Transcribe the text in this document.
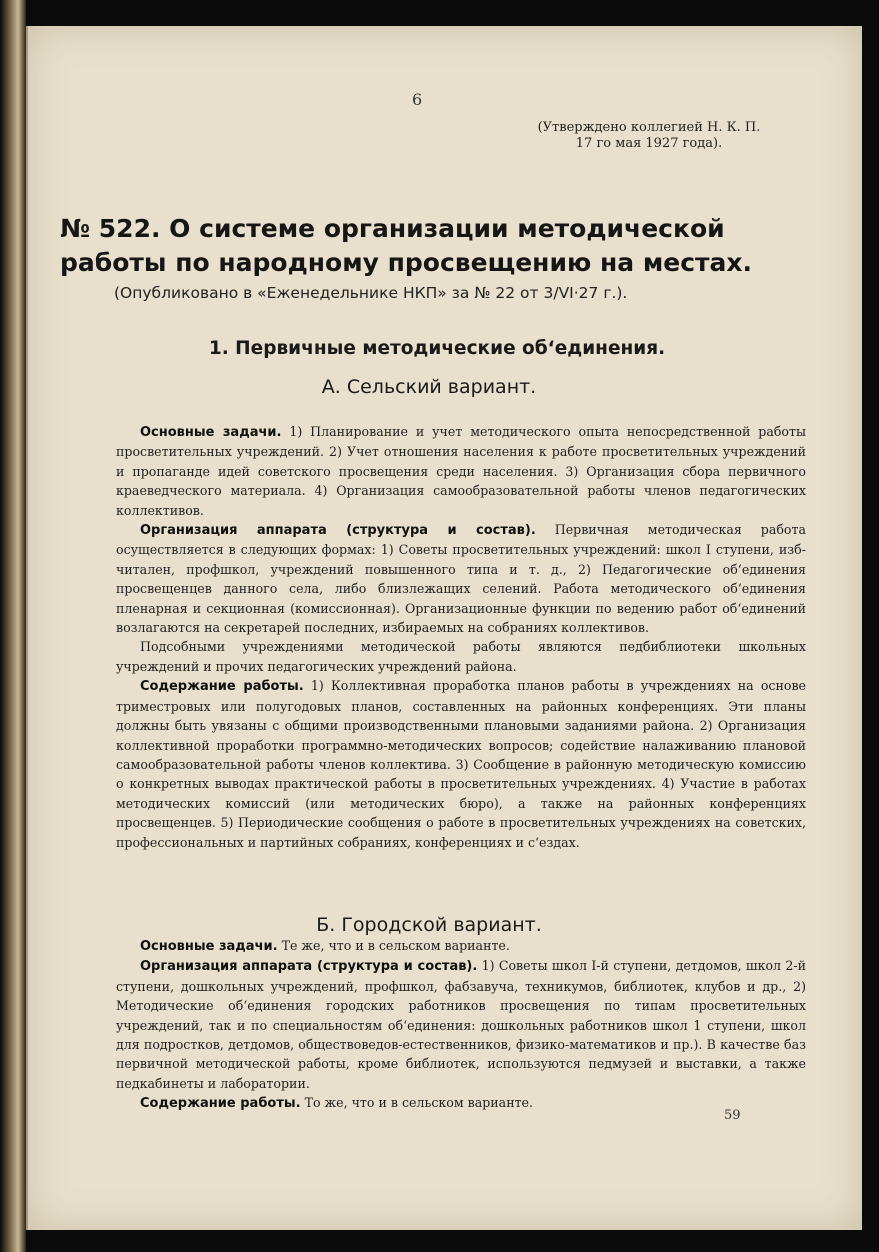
6
(Утверждено коллегией Н. К. П.
17 го мая 1927 года).
№ 522. О системе организации методической
работы по народному просвещению на местах.
(Опубликовано в «Еженедельнике НКП» за № 22 от 3/VI·27 г.).
1. Первичные методические об‘единения.
А. Сельский вариант.

Основные задачи. 1) Планирование и учет методического опыта непосредственной работы просветительных учреждений. 2) Учет отношения населения к работе просветительных учреждений и пропаганде идей советского просвещения среди населения. 3) Организация сбора первичного краеведческого материала. 4) Организация самообразовательной работы членов педагогических коллективов.

Организация аппарата (структура и состав). Первичная методическая работа осуществляется в следующих формах: 1) Советы просветительных учреждений: школ I ступени, изб-читален, профшкол, учреждений повышенного типа и т. д., 2) Педагогические об‘единения просвещенцев данного села, либо близлежащих селений. Работа методического об‘единения пленарная и секционная (комиссионная). Организационные функции по ведению работ об‘единений возлагаются на секретарей последних, избираемых на собраниях коллективов.

Подсобными учреждениями методической работы являются педбиблиотеки школьных учреждений и прочих педагогических учреждений района.

Содержание работы. 1) Коллективная проработка планов работы в учреждениях на основе триместровых или полугодовых планов, составленных на районных конференциях. Эти планы должны быть увязаны с общими производственными плановыми заданиями района. 2) Организация коллективной проработки программно-методических вопросов; содействие налаживанию плановой самообразовательной работы членов коллектива. 3) Сообщение в районную методическую комиссию о конкретных выводах практической работы в просветительных учреждениях. 4) Участие в работах методических комиссий (или методических бюро), а также на районных конференциях просвещенцев. 5) Периодические сообщения о работе в просветительных учреждениях на советских, профессиональных и партийных собраниях, конференциях и с‘ездах.

Б. Городской вариант.

Основные задачи. Те же, что и в сельском варианте.

Организация аппарата (структура и состав). 1) Советы школ I-й ступени, детдомов, школ 2-й ступени, дошкольных учреждений, профшкол, фабзавуча, техникумов, библиотек, клубов и др., 2) Методические об‘единения городских работников просвещения по типам просветительных учреждений, так и по специальностям об‘единения: дошкольных работников школ 1 ступени, школ для подростков, детдомов, обществоведов-естественников, физико-математиков и пр.). В качестве баз первичной методической работы, кроме библиотек, используются педмузей и выставки, а также педкабинеты и лаборатории.

Содержание работы. То же, что и в сельском варианте.

59
